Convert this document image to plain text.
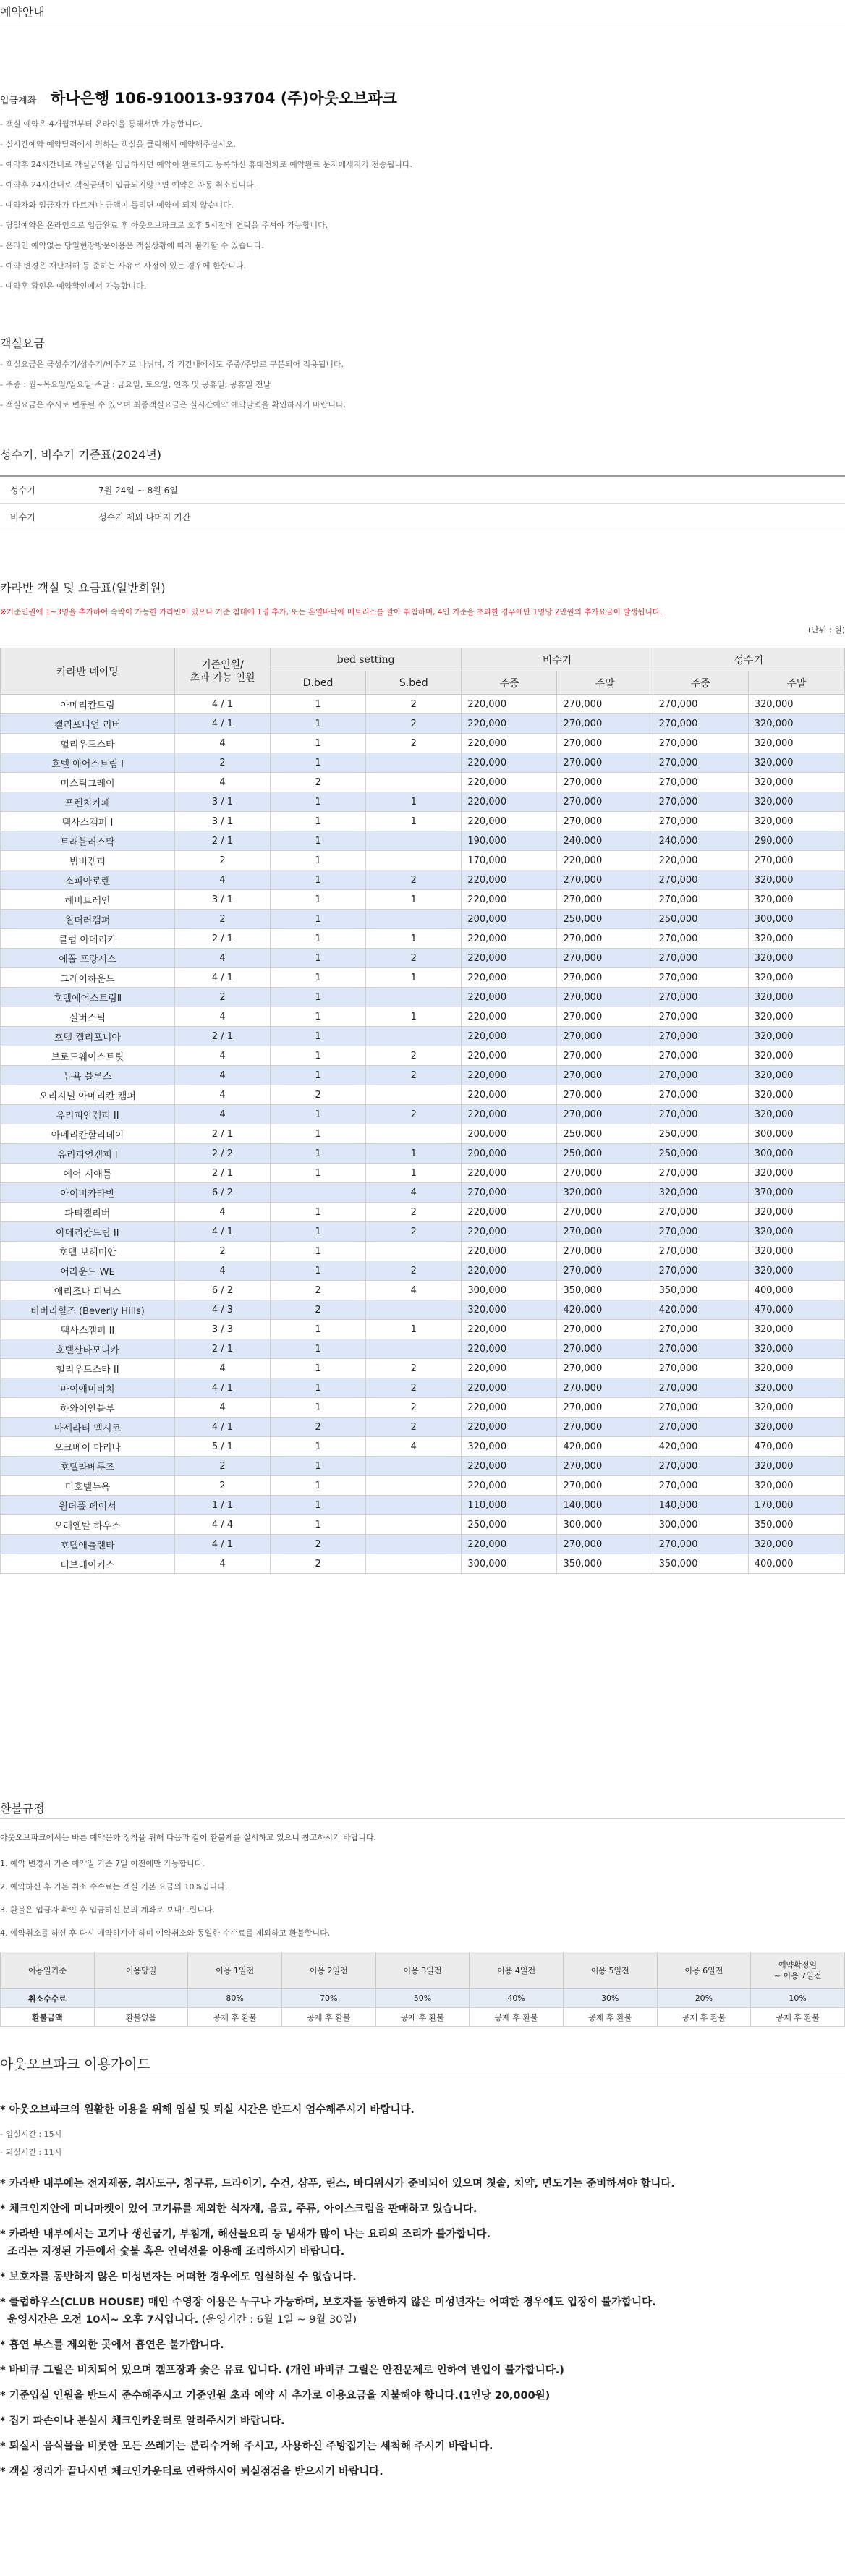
예약안내
입금계좌 하나은행 106-910013-93704 (주)아웃오브파크
- 객실 예약은 4개월전부터 온라인을 통해서만 가능합니다.
- 실시간예약 예약달력에서 원하는 객실을 클릭해서 예약해주십시오.
- 예약후 24시간내로 객실금액을 입금하시면 예약이 완료되고 등록하신 휴대전화로 예약완료 문자메세지가 전송됩니다.
- 예약후 24시간내로 객실금액이 입금되지않으면 예약은 자동 취소됩니다.
- 예약자와 입금자가 다르거나 금액이 틀리면 예약이 되지 않습니다.
- 당일예약은 온라인으로 입금완료 후 아웃오브파크로 오후 5시전에 연락을 주셔야 가능합니다.
- 온라인 예약없는 당일현장방문이용은 객실상황에 따라 불가할 수 있습니다.
- 예약 변경은 재난재해 등 준하는 사유로 사정이 있는 경우에 한합니다.
- 예약후 확인은 예약확인에서 가능합니다.
객실요금
- 객실요금은 극성수기/성수기/비수기로 나뉘며, 각 기간내에서도 주중/주말로 구분되어 적용됩니다.
- 주중 : 월~목요일/일요일 주말 : 금요일, 토요일, 연휴 및 공휴일, 공휴일 전날
- 객실요금은 수시로 변동될 수 있으며 최종객실요금은 실시간예약 예약달력을 확인하시기 바랍니다.
성수기, 비수기 기준표(2024년)
성수기	7월 24일 ~ 8월 6일
비수기	성수기 제외 나머지 기간
카라반 객실 및 요금표(일반회원)
※기준인원에 1~3명을 추가하여 숙박이 가능한 카라반이 있으나 기준 침대에 1명 추가, 또는 온열바닥에 매트리스를 깔아 취침하며, 4인 기준을 초과한 경우에만 1명당 2만원의 추가요금이 발생됩니다.
(단위 : 원)
카라반 네이밍	기준인원/
초과 가능 인원	bed setting		비수기		성수기	
		D.bed	S.bed	주중	주말	주중	주말
아메리칸드림	4 / 1	1	2	220,000	270,000	270,000	320,000
캘리포니언 리버	4 / 1	1	2	220,000	270,000	270,000	320,000
헐리우드스타	4	1	2	220,000	270,000	270,000	320,000
호텔 에어스트림 I	2	1		220,000	270,000	270,000	320,000
미스틱그레이	4	2		220,000	270,000	270,000	320,000
프렌치카페	3 / 1	1	1	220,000	270,000	270,000	320,000
텍사스캠퍼 I	3 / 1	1	1	220,000	270,000	270,000	320,000
트래블러스탁	2 / 1	1		190,000	240,000	240,000	290,000
빔비캠퍼	2	1		170,000	220,000	220,000	270,000
소피아로렌	4	1	2	220,000	270,000	270,000	320,000
헤비트레인	3 / 1	1	1	220,000	270,000	270,000	320,000
원더러캠퍼	2	1		200,000	250,000	250,000	300,000
클럽 아메리카	2 / 1	1	1	220,000	270,000	270,000	320,000
에꼴 프랑시스	4	1	2	220,000	270,000	270,000	320,000
그레이하운드	4 / 1	1	1	220,000	270,000	270,000	320,000
호텔에어스트림Ⅱ	2	1		220,000	270,000	270,000	320,000
실버스틱	4	1	1	220,000	270,000	270,000	320,000
호텔 캘리포니아	2 / 1	1		220,000	270,000	270,000	320,000
브로드웨이스트릿	4	1	2	220,000	270,000	270,000	320,000
뉴욕 블루스	4	1	2	220,000	270,000	270,000	320,000
오리지널 아메리칸 캠퍼	4	2		220,000	270,000	270,000	320,000
유리피안캠퍼 II	4	1	2	220,000	270,000	270,000	320,000
아메리칸할리데이	2 / 1	1		200,000	250,000	250,000	300,000
유리피언캠퍼 I	2 / 2	1	1	200,000	250,000	250,000	300,000
에어 시애틀	2 / 1	1	1	220,000	270,000	270,000	320,000
아이비카라반	6 / 2		4	270,000	320,000	320,000	370,000
파티캘리버	4	1	2	220,000	270,000	270,000	320,000
아메리칸드림 II	4 / 1	1	2	220,000	270,000	270,000	320,000
호텔 보헤미안	2	1		220,000	270,000	270,000	320,000
어라운드 WE	4	1	2	220,000	270,000	270,000	320,000
애리조나 피닉스	6 / 2	2	4	300,000	350,000	350,000	400,000
비버리힐즈 (Beverly Hills)	4 / 3	2		320,000	420,000	420,000	470,000
텍사스캠퍼 II	3 / 3	1	1	220,000	270,000	270,000	320,000
호텔산타모니카	2 / 1	1		220,000	270,000	270,000	320,000
헐리우드스타 II	4	1	2	220,000	270,000	270,000	320,000
마이애미비치	4 / 1	1	2	220,000	270,000	270,000	320,000
하와이안블루	4	1	2	220,000	270,000	270,000	320,000
마세라티 멕시코	4 / 1	2	2	220,000	270,000	270,000	320,000
오크베이 마리나	5 / 1	1	4	320,000	420,000	420,000	470,000
호텔라베루즈	2	1		220,000	270,000	270,000	320,000
더호텔뉴욕	2	1		220,000	270,000	270,000	320,000
원더풀 페이서	1 / 1	1		110,000	140,000	140,000	170,000
오레엔탈 하우스	4 / 4	1		250,000	300,000	300,000	350,000
호텔애틀랜타	4 / 1	2		220,000	270,000	270,000	320,000
더브레이커스	4	2		300,000	350,000	350,000	400,000
환불규정
아웃오브파크에서는 바른 예약문화 정착을 위해 다음과 같이 환불제를 실시하고 있으니 참고하시기 바랍니다.
1. 예약 변경시 기존 예약일 기준 7일 이전에만 가능합니다.
2. 예약하신 후 기본 취소 수수료는 객실 기본 요금의 10%입니다.
3. 환불은 입금자 확인 후 입금하신 분의 계좌로 보내드립니다.
4. 예약취소를 하신 후 다시 예약하셔야 하며 예약취소와 동일한 수수료를 제외하고 환불합니다.
이용일기준	이용당일	이용 1일전	이용 2일전	이용 3일전	이용 4일전	이용 5일전	이용 6일전	예약확정일
~ 이용 7일전
취소수수료		80%	70%	50%	40%	30%	20%	10%
환불금액	환불없음	공제 후 환불	공제 후 환불	공제 후 환불	공제 후 환불	공제 후 환불	공제 후 환불	공제 후 환불
아웃오브파크 이용가이드
* 아웃오브파크의 원활한 이용을 위해 입실 및 퇴실 시간은 반드시 엄수해주시기 바랍니다.
- 입실시간 : 15시
- 퇴실시간 : 11시
* 카라반 내부에는 전자제품, 취사도구, 침구류, 드라이기, 수건, 샴푸, 린스, 바디워시가 준비되어 있으며 칫솔, 치약, 면도기는 준비하셔야 합니다.
* 체크인지안에 미니마켓이 있어 고기류를 제외한 식자재, 음료, 주류, 아이스크림을 판매하고 있습니다.
* 카라반 내부에서는 고기나 생선굽기, 부침개, 해산물요리 등 냄새가 많이 나는 요리의 조리가 불가합니다.
조리는 지정된 가든에서 숯불 혹은 인덕션을 이용해 조리하시기 바랍니다.
* 보호자를 동반하지 않은 미성년자는 어떠한 경우에도 입실하실 수 없습니다.
* 클럽하우스(CLUB HOUSE) 매인 수영장 이용은 누구나 가능하며, 보호자를 동반하지 않은 미성년자는 어떠한 경우에도 입장이 불가합니다.
운영시간은 오전 10시~ 오후 7시입니다. (운영기간 : 6월 1일 ~ 9월 30일)
* 흡연 부스를 제외한 곳에서 흡연은 불가합니다.
* 바비큐 그릴은 비치되어 있으며 캠프장과 숯은 유료 입니다. (개인 바비큐 그릴은 안전문제로 인하여 반입이 불가합니다.)
* 기준입실 인원을 반드시 준수해주시고 기준인원 초과 예약 시 추가로 이용요금을 지불해야 합니다.(1인당 20,000원)
* 집기 파손이나 분실시 체크인카운터로 알려주시기 바랍니다.
* 퇴실시 음식물을 비롯한 모든 쓰레기는 분리수거해 주시고, 사용하신 주방집기는 세척해 주시기 바랍니다.
* 객실 정리가 끝나시면 체크인카운터로 연락하시어 퇴실점검을 받으시기 바랍니다.
